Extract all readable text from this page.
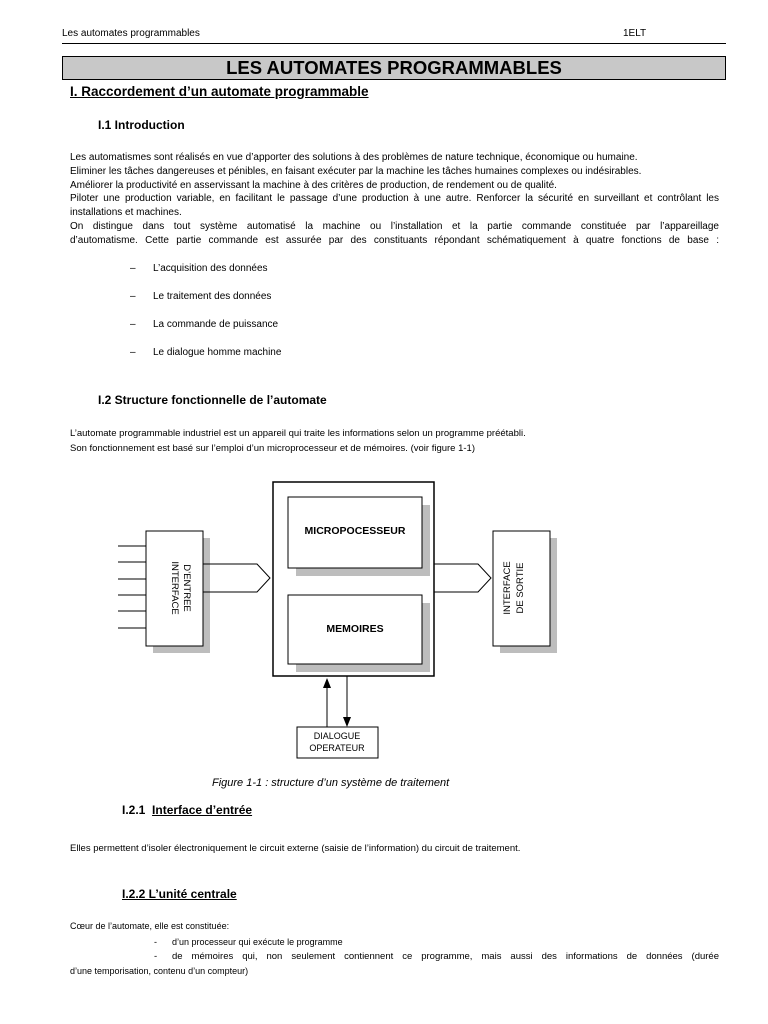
Les automates programmables	1ELT
LES AUTOMATES PROGRAMMABLES
I. Raccordement d’un automate programmable
I.1 Introduction

Les automatismes sont réalisés en vue d’apporter des solutions à des problèmes de nature technique, économique ou humaine.

Eliminer les tâches dangereuses et pénibles, en faisant exécuter par la machine les tâches humaines complexes ou indésirables.

Améliorer la productivité en asservissant la machine à des critères de production, de rendement ou de qualité.

Piloter une production variable, en facilitant le passage d’une production à une autre. Renforcer la sécurité en surveillant et contrôlant les

installations et machines.

On distingue dans tout système automatisé la machine ou l’installation et la partie commande constituée par l’appareillage

d’automatisme. Cette partie commande est assurée par des constituants répondant schématiquement à quatre fonctions de base :

– L’acquisition des données
– Le traitement des données
– La commande de puissance
– Le dialogue homme machine
I.2 Structure fonctionnelle de l’automate
L’automate programmable industriel est un appareil qui traite les informations selon un programme préétabli.
Son fonctionnement est basé sur l’emploi d’un microprocesseur et de mémoires. (voir figure 1-1)
INTERFACE D’ENTREE
MICROPOCESSEUR
MEMOIRES
INTERFACE DE SORTIE
DIALOGUE
OPERATEUR
Figure 1-1 : structure d’un système de traitement
I.2.1 Interface d’entrée
Elles permettent d’isoler électroniquement le circuit externe (saisie de l’information) du circuit de traitement.
I.2.2 L’unité centrale
Cœur de l’automate, elle est constituée:
- d’un processeur qui exécute le programme
- de mémoires qui, non seulement contiennent ce programme, mais aussi des informations de données (durée
d’une temporisation, contenu d’un compteur)
